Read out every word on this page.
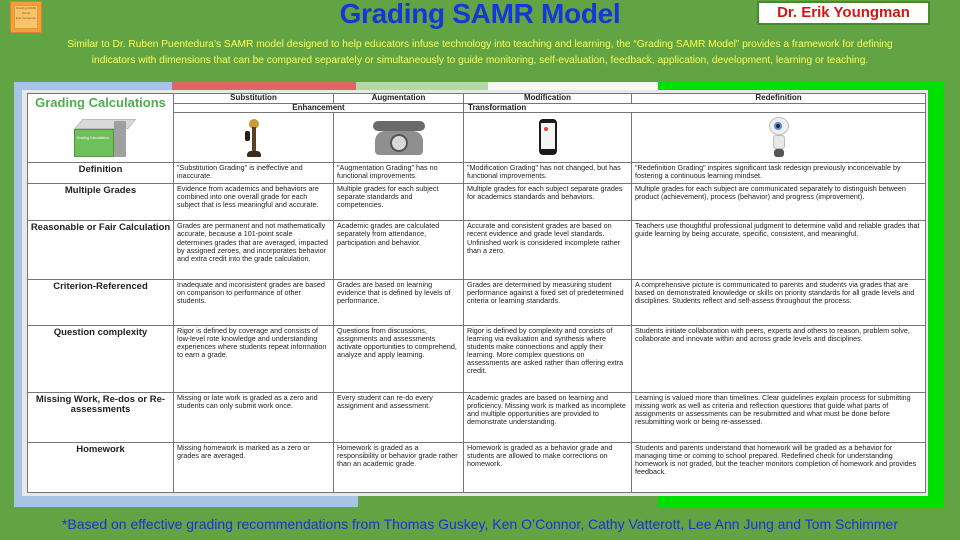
Grading SAMR Model
Erik Youngman	Grading SAMR Model	Dr. Erik Youngman
Similar to Dr. Ruben Puentedura’s SAMR model designed to help educators infuse technology into teaching and learning, the “Grading SAMR Model” provides a framework for defining
indicators with dimensions that can be compared separately or simultaneously to guide monitoring, self-evaluation, feedback, application, development, learning or teaching.
Grading Calculations
Grading Calculations	Substitution	Augmentation	Modification	Redefinition
	Enhancement		Transformation	

Definition	"Substitution Grading" is ineffective and inaccurate.	"Augmentation Grading" has no functional improvements.	"Modification Grading" has not changed, but has functional improvements.	"Redefinition Grading" inspires significant task redesign previously inconceivable by fostering a continuous learning mindset.
Multiple Grades	Evidence from academics and behaviors are combined into one overall grade for each subject that is less meaningful and accurate.	Multiple grades for each subject separate standards and competencies.	Multiple grades for each subject separate grades for academics standards and behaviors.	Multiple grades for each subject are communicated separately to distinguish between product (achievement), process (behavior) and progress (improvement).
Reasonable or Fair Calculation	Grades are permanent and not mathematically accurate, because a 101-point scale determines grades that are averaged, impacted by assigned zeroes, and incorporates behavior and extra credit into the grade calculation.	Academic grades are calculated separately from attendance, participation and behavior.	Accurate and consistent grades are based on recent evidence and grade level standards. Unfinished work is considered incomplete rather than a zero.	Teachers use thoughtful professional judgment to determine valid and reliable grades that guide learning by being accurate, specific, consistent, and meaningful.
Criterion-Referenced	Inadequate and inconsistent grades are based on comparison to performance of other students.	Grades are based on learning evidence that is defined by levels of performance.	Grades are determined by measuring student performance against a fixed set of predetermined criteria or learning standards.	A comprehensive picture is communicated to parents and students via grades that are based on demonstrated knowledge or skills on priority standards for all grade levels and disciplines. Students reflect and self-assess throughout the process.
Question complexity	Rigor is defined by coverage and consists of low-level rote knowledge and understanding experiences where students repeat information to earn a grade.	Questions from discussions, assignments and assessments activate opportunities to comprehend, analyze and apply learning.	Rigor is defined by complexity and consists of learning via evaluation and synthesis where students make connections and apply their learning. More complex questions on assessments are asked rather than offering extra credit.	Students initiate collaboration with peers, experts and others to reason, problem solve, collaborate and innovate within and across grade levels and disciplines.
Missing Work, Re-dos or Re-assessments	Missing or late work is graded as a zero and students can only submit work once.	Every student can re-do every assignment and assessment.	Academic grades are based on learning and proficiency. Missing work is marked as incomplete and multiple opportunities are provided to demonstrate understanding.	Learning is valued more than timelines. Clear guidelines explain process for submitting missing work as well as criteria and reflection questions that guide what parts of assignments or assessments can be resubmitted and what must be done before resubmitting work or being re-assessed.
Homework	Missing homework is marked as a zero or grades are averaged.	Homework is graded as a responsibility or behavior grade rather than an academic grade.	Homework is graded as a behavior grade and students are allowed to make corrections on homework.	Students and parents understand that homework will be graded as a behavior for managing time or coming to school prepared. Redefined check for understanding homework is not graded, but the teacher monitors completion of homework and provides feedback.
*Based on effective grading recommendations from Thomas Guskey, Ken O’Connor, Cathy Vatterott, Lee Ann Jung and Tom Schimmer
